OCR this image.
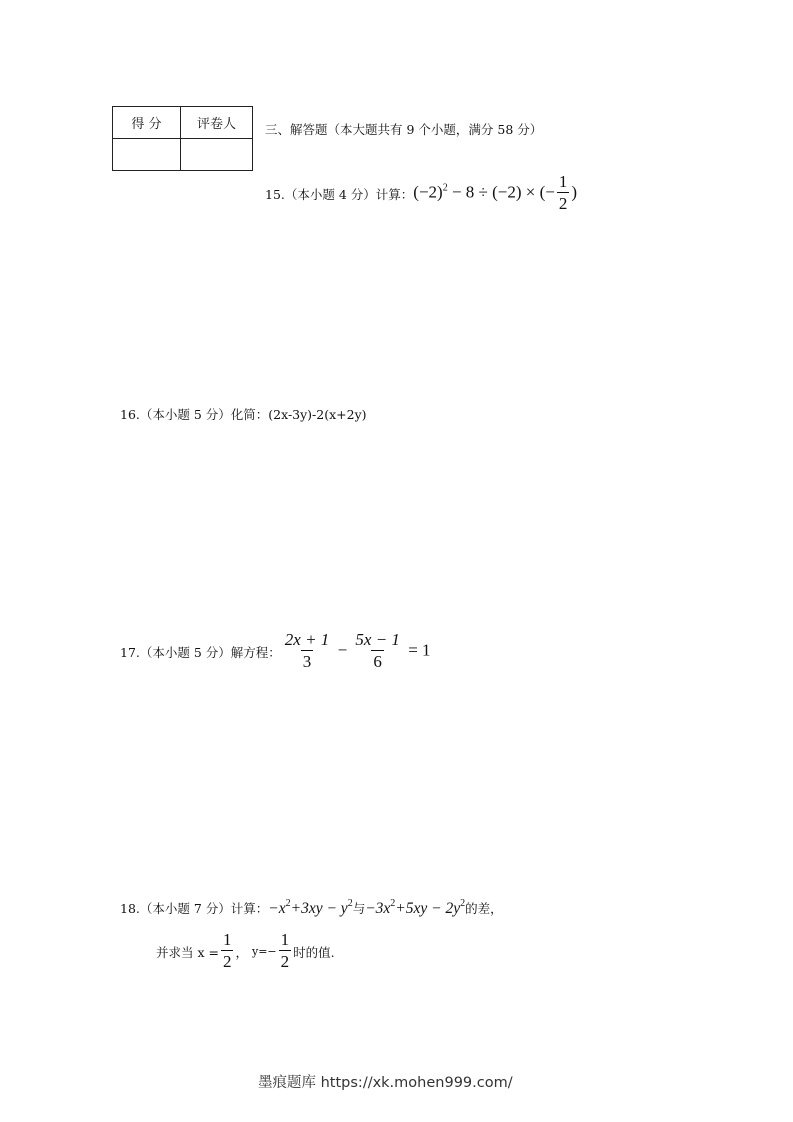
得 分	评卷人
	三、解答题（本大题共有 9 个小题，满分 58 分）
15.（本小题 4 分）计算： $(-2)^2 - 8 \div (-2)$ × (− $\frac{1}{2}$ )
16.（本小题 5 分）化简：(2x-3y)-2(x+2y)
17.（本小题 5 分）解方程： $\frac{2x + 1}{3} - \frac{5x - 1}{6} = 1$
18.（本小题 7 分）计算： $-x^2+3xy - y^2$与$-3x^2+5xy - 2y^2$的差，
并求当 $x = \frac{1}{2}$ ， $y=- \frac{1}{2}$ 时的值.
墨痕题库 https://xk.mohen999.com/
